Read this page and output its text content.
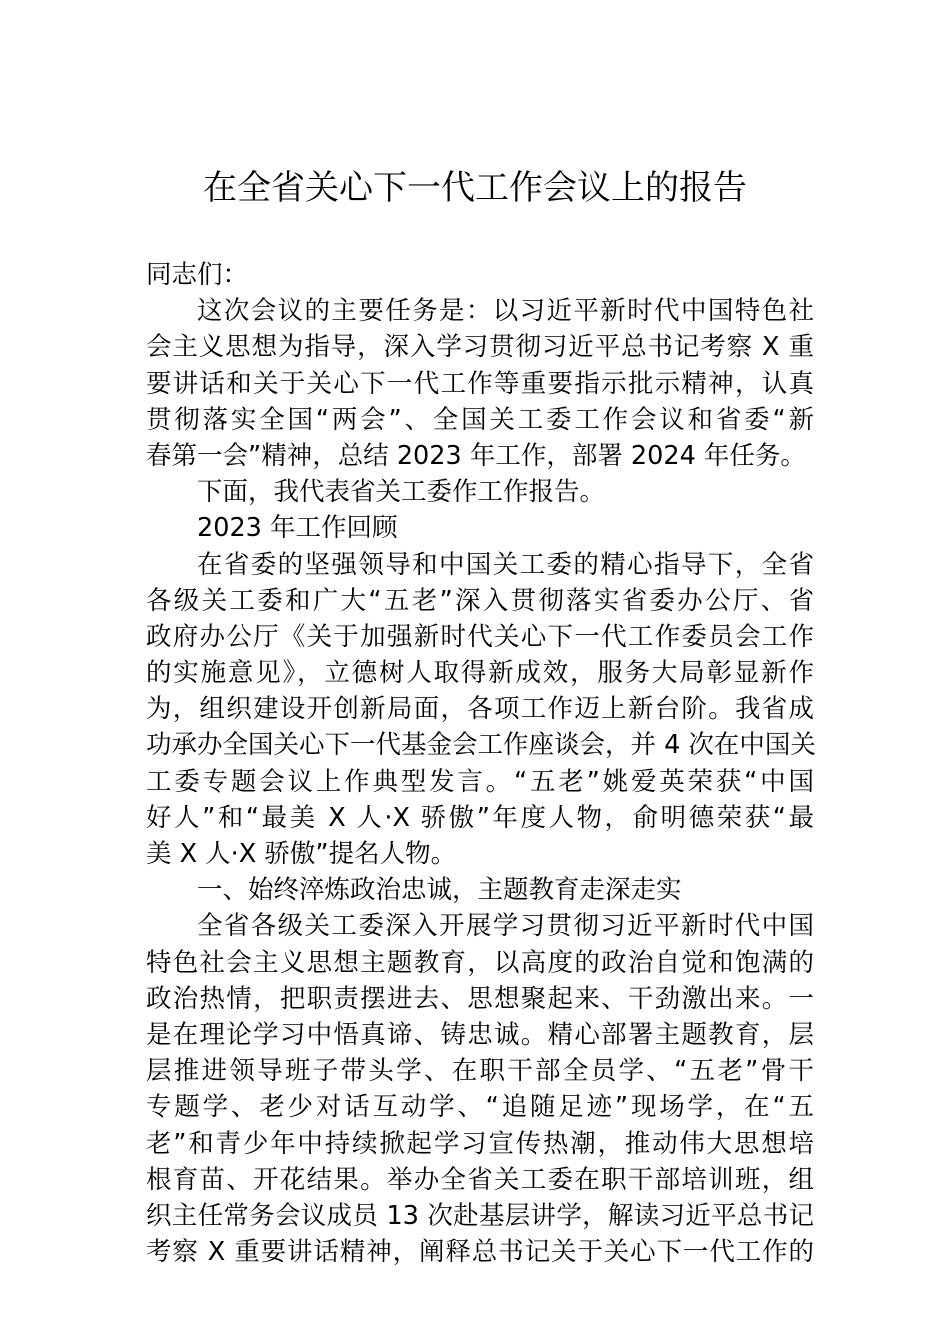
在全省关心下一代工作会议上的报告
同志们：
这次会议的主要任务是：以习近平新时代中国特色社
会主义思想为指导，深入学习贯彻习近平总书记考察 X 重
要讲话和关于关心下一代工作等重要指示批示精神，认真
贯彻落实全国“两会”、全国关工委工作会议和省委“新
春第一会”精神，总结 2023 年工作，部署 2024 年任务。
下面，我代表省关工委作工作报告。
2023 年工作回顾
在省委的坚强领导和中国关工委的精心指导下，全省
各级关工委和广大“五老”深入贯彻落实省委办公厅、省
政府办公厅《关于加强新时代关心下一代工作委员会工作
的实施意见》，立德树人取得新成效，服务大局彰显新作
为，组织建设开创新局面，各项工作迈上新台阶。我省成
功承办全国关心下一代基金会工作座谈会，并 4 次在中国关
工委专题会议上作典型发言。“五老”姚爱英荣获“中国
好人”和“最美 X 人·X 骄傲”年度人物，俞明德荣获“最
美 X 人·X 骄傲”提名人物。
一、始终淬炼政治忠诚，主题教育走深走实
全省各级关工委深入开展学习贯彻习近平新时代中国
特色社会主义思想主题教育，以高度的政治自觉和饱满的
政治热情，把职责摆进去、思想聚起来、干劲激出来。一
是在理论学习中悟真谛、铸忠诚。精心部署主题教育，层
层推进领导班子带头学、在职干部全员学、“五老”骨干
专题学、老少对话互动学、“追随足迹”现场学，在“五
老”和青少年中持续掀起学习宣传热潮，推动伟大思想培
根育苗、开花结果。举办全省关工委在职干部培训班，组
织主任常务会议成员 13 次赴基层讲学，解读习近平总书记
考察 X 重要讲话精神，阐释总书记关于关心下一代工作的
